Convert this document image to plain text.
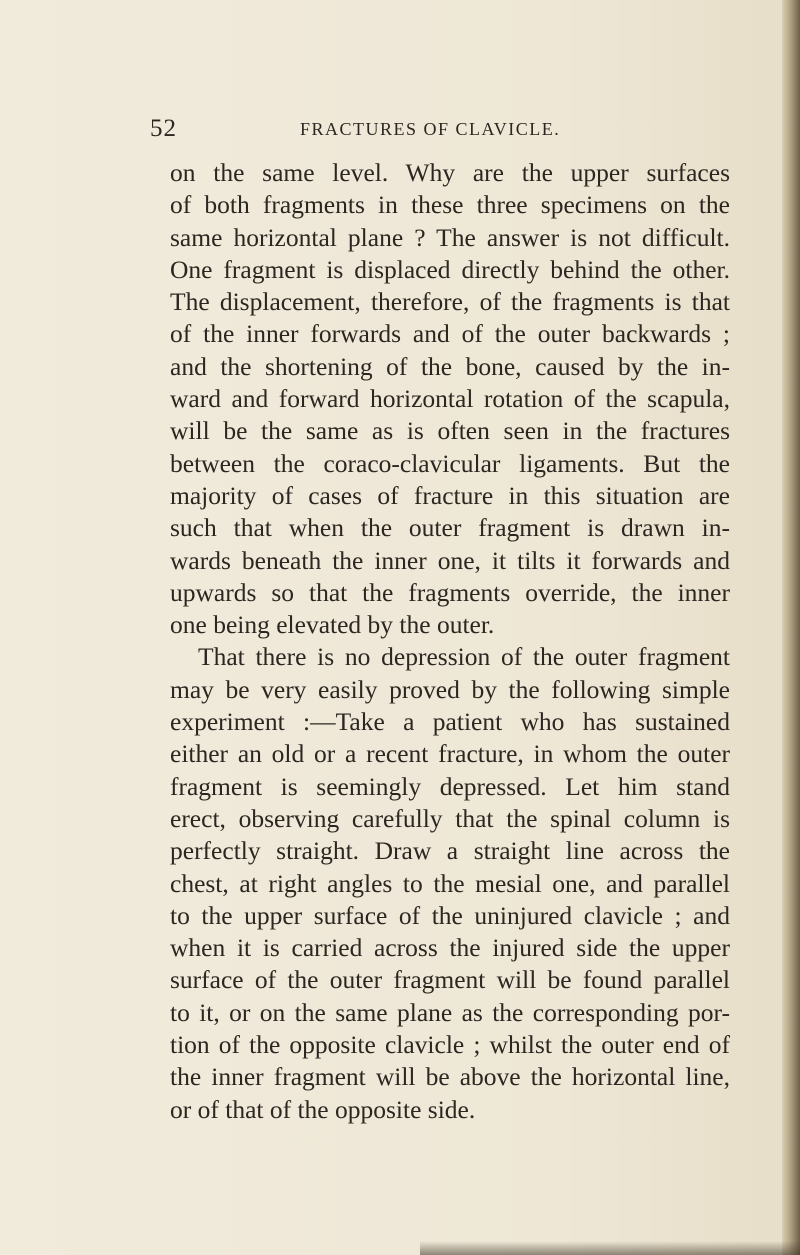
52	FRACTURES OF CLAVICLE.
on the same level. Why are the upper surfaces
of both fragments in these three specimens on the
same horizontal plane ? The answer is not difficult.
One fragment is displaced directly behind the other.
The displacement, therefore, of the fragments is that
of the inner forwards and of the outer backwards ;
and the shortening of the bone, caused by the in-
ward and forward horizontal rotation of the scapula,
will be the same as is often seen in the fractures
between the coraco-clavicular ligaments. But the
majority of cases of fracture in this situation are
such that when the outer fragment is drawn in-
wards beneath the inner one, it tilts it forwards and
upwards so that the fragments override, the inner
one being elevated by the outer.
That there is no depression of the outer fragment
may be very easily proved by the following simple
experiment :—Take a patient who has sustained
either an old or a recent fracture, in whom the outer
fragment is seemingly depressed. Let him stand
erect, observing carefully that the spinal column is
perfectly straight. Draw a straight line across the
chest, at right angles to the mesial one, and parallel
to the upper surface of the uninjured clavicle ; and
when it is carried across the injured side the upper
surface of the outer fragment will be found parallel
to it, or on the same plane as the corresponding por-
tion of the opposite clavicle ; whilst the outer end of
the inner fragment will be above the horizontal line,
or of that of the opposite side.
